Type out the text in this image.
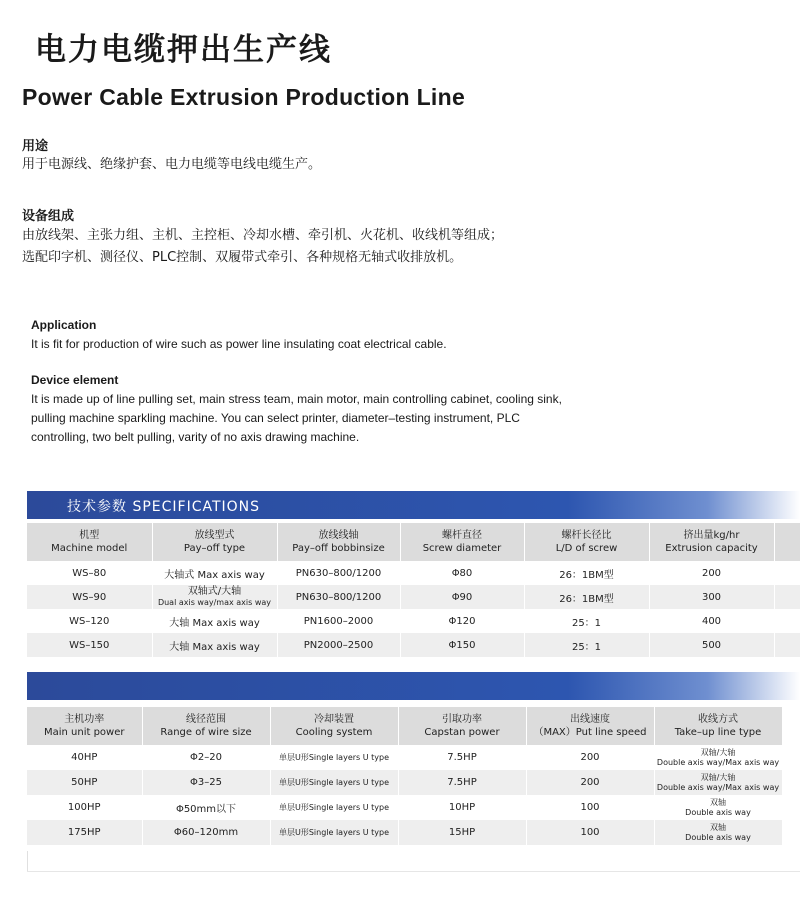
电力电缆押出生产线
Power Cable Extrusion Production Line

用途

用于电源线、绝缘护套、电力电缆等电线电缆生产。

设备组成

由放线架、主张力组、主机、主控柜、冷却水槽、牵引机、火花机、收线机等组成；

选配印字机、测径仪、PLC控制、双履带式牵引、各种规格无轴式收排放机。

Application

It is fit for production of wire such as power line insulating coat electrical cable.

Device element

It is made up of line pulling set, main stress team, main motor, main controlling cabinet, cooling sink,

pulling machine sparkling machine. You can select printer, diameter–testing instrument, PLC

controlling, two belt pulling, varity of no axis drawing machine.

技术参数 SPECIFICATIONS
机型
Machine model	放线型式
Pay–off type	放线线轴
Pay–off bobbinsize	螺杆直径
Screw diameter	螺杆长径比
L/D of screw	挤出量kg/hr
Extrusion capacity	
WS–80	大轴式 Max axis way	PN630–800/1200	Φ80	26：1BM型	200	
WS–90	双轴式/大轴
Dual axis way/max axis way	PN630–800/1200	Φ90	26：1BM型	300	
WS–120	大轴 Max axis way	PN1600–2000	Φ120	25：1	400	
WS–150	大轴 Max axis way	PN2000–2500	Φ150	25：1	500	
主机功率
Main unit power	线径范围
Range of wire size	冷却装置
Cooling system	引取功率
Capstan power	出线速度
（MAX）Put line speed	收线方式
Take–up line type	
40HP	Φ2–20	单层U形Single layers U type	7.5HP	200	双轴/大轴
Double axis way/Max axis way	
50HP	Φ3–25	单层U形Single layers U type	7.5HP	200	双轴/大轴
Double axis way/Max axis way	
100HP	Φ50mm以下	单层U形Single layers U type	10HP	100	双轴
Double axis way	
175HP	Φ60–120mm	单层U形Single layers U type	15HP	100	双轴
Double axis way	
